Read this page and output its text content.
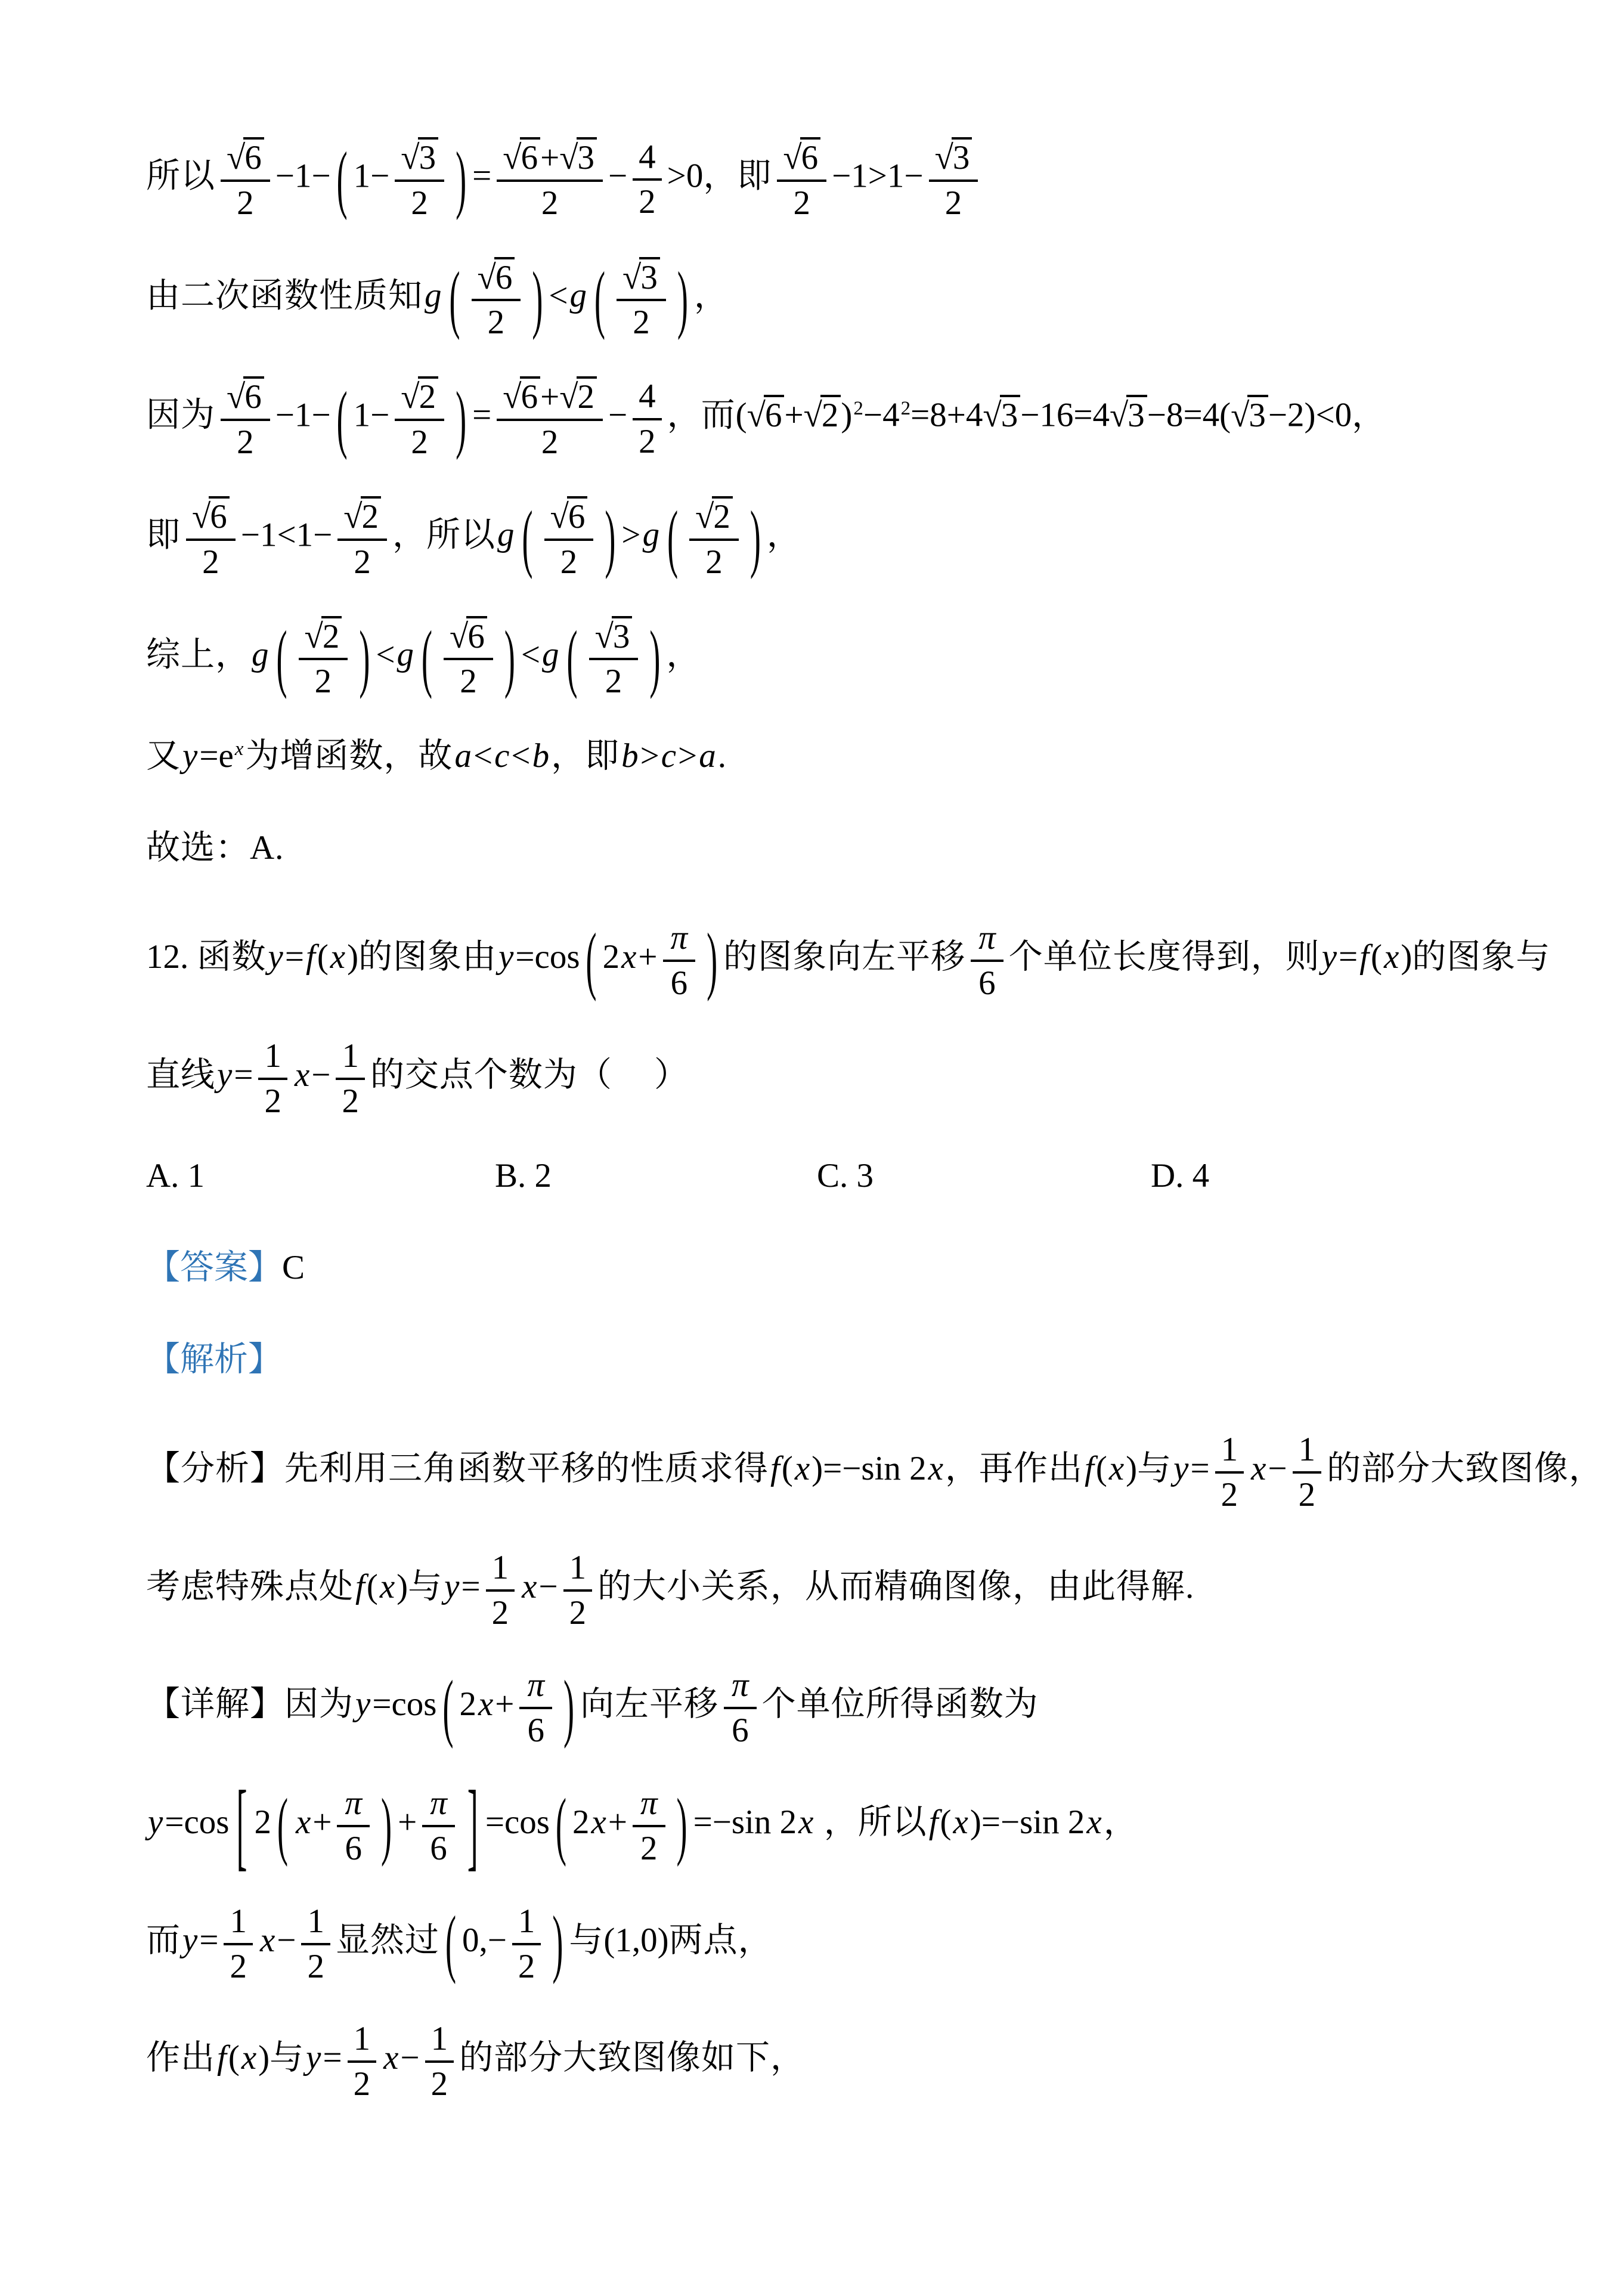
所以 $\frac{√6}{2} -1-$ ( $1- \frac{√3}{2}$ ) = $\frac{√6+√3}{2} - \frac{4}{2} >0$，即 $\frac{√6}{2} -1>1- \frac{√3}{2}$
由二次函数性质知g ( $\frac{√6}{2}$ ) <g ( $\frac{√3}{2}$ ) ，
因为 $\frac{√6}{2} -1-$ ( $1- \frac{√2}{2}$ ) = $\frac{√6+√2}{2} - \frac{4}{2}$ ，而$(√6+√2)^2-4^2=8+4√3-16=4√3-8=4(√3-2)<0$，
即 $\frac{√6}{2} -1<1- \frac{√2}{2}$ ，所以g ( $\frac{√6}{2}$ ) >g ( $\frac{√2}{2}$ ) ，
综上，g ( $\frac{√2}{2}$ ) <g ( $\frac{√6}{2}$ ) <g ( $\frac{√3}{2}$ ) ，
又$y=e^x$为增函数，故a<c<b，即b>c>a.
故选：A.
12. 函数y=f(x)的图象由y=cos ( $2x+ \frac{\pi}{6}$ ) 的图象向左平移 $\frac{\pi}{6}$ 个单位长度得到，则y=f(x)的图象与
直线$y= \frac{1}{2} x- \frac{1}{2}$ 的交点个数为（ ）
A. 1	B. 2	C. 3	D. 4
【答案】C
【解析】
【分析】先利用三角函数平移的性质求得f(x)=−sin 2x，再作出f(x)与$y= \frac{1}{2} x- \frac{1}{2}$ 的部分大致图像，
考虑特殊点处f(x)与$y= \frac{1}{2} x- \frac{1}{2}$ 的大小关系，从而精确图像，由此得解.
【详解】因为y=cos ( $2x+ \frac{\pi}{6}$ ) 向左平移 $\frac{\pi}{6}$ 个单位所得函数为
y=cos [ 2 ( $x+ \frac{\pi}{6}$ ) + $\frac{\pi}{6}$ ] =cos ( $2x+ \frac{\pi}{2}$ ) =−sin 2x ，所以f(x)=−sin 2x，
而$y= \frac{1}{2} x- \frac{1}{2}$ 显然过 ( $0,- \frac{1}{2}$ ) 与(1,0)两点，
作出f(x)与$y= \frac{1}{2} x- \frac{1}{2}$ 的部分大致图像如下，
